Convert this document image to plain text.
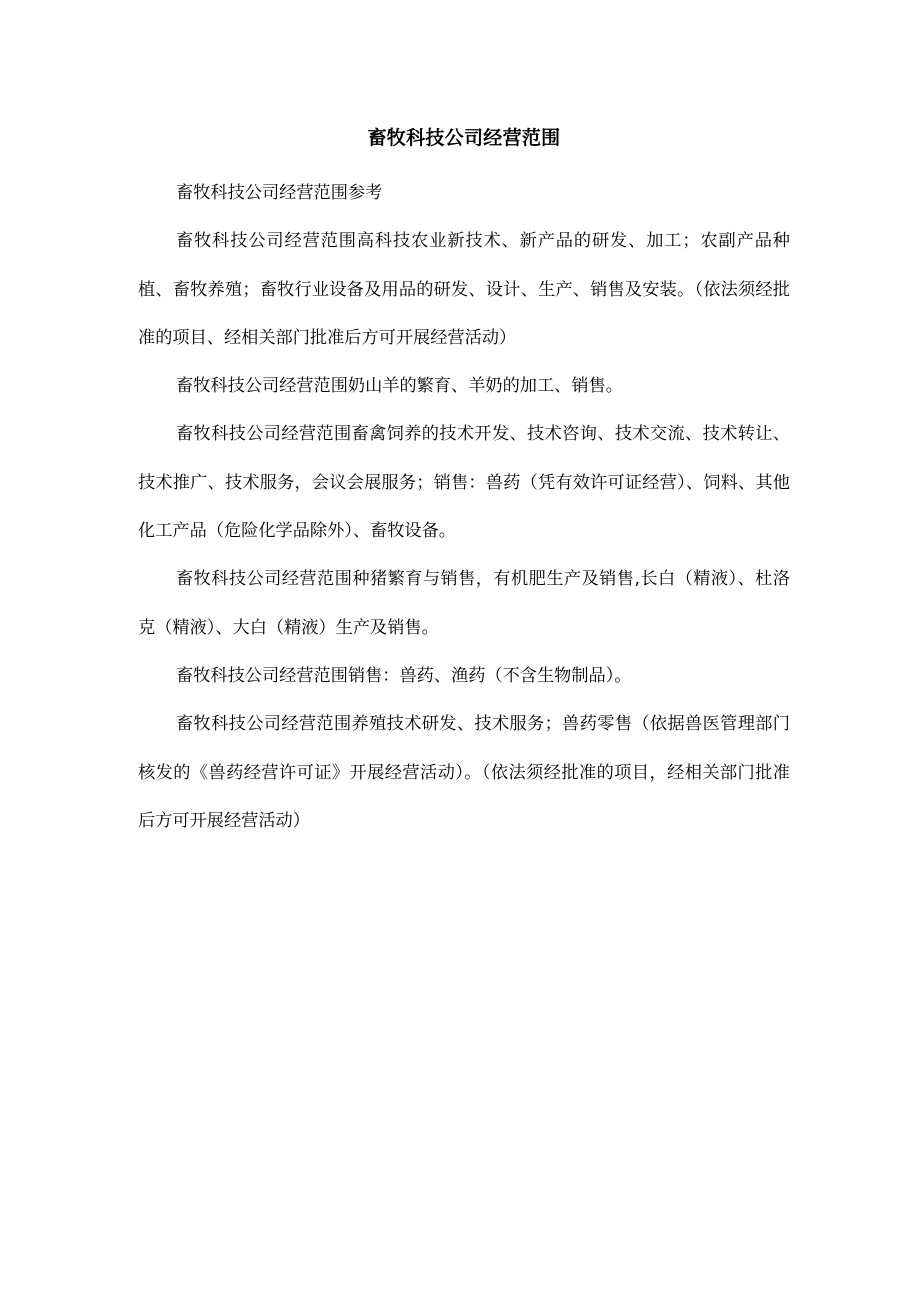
畜牧科技公司经营范围

畜牧科技公司经营范围参考

畜牧科技公司经营范围高科技农业新技术、新产品的研发、加工；农副产品种植、畜牧养殖；畜牧行业设备及用品的研发、设计、生产、销售及安装。（依法须经批准的项目、经相关部门批准后方可开展经营活动）

畜牧科技公司经营范围奶山羊的繁育、羊奶的加工、销售。

畜牧科技公司经营范围畜禽饲养的技术开发、技术咨询、技术交流、技术转让、技术推广、技术服务，会议会展服务；销售：兽药（凭有效许可证经营）、饲料、其他化工产品（危险化学品除外）、畜牧设备。

畜牧科技公司经营范围种猪繁育与销售，有机肥生产及销售,长白（精液）、杜洛克（精液）、大白（精液）生产及销售。

畜牧科技公司经营范围销售：兽药、渔药（不含生物制品）。

畜牧科技公司经营范围养殖技术研发、技术服务；兽药零售（依据兽医管理部门核发的《兽药经营许可证》开展经营活动）。（依法须经批准的项目，经相关部门批准后方可开展经营活动）
